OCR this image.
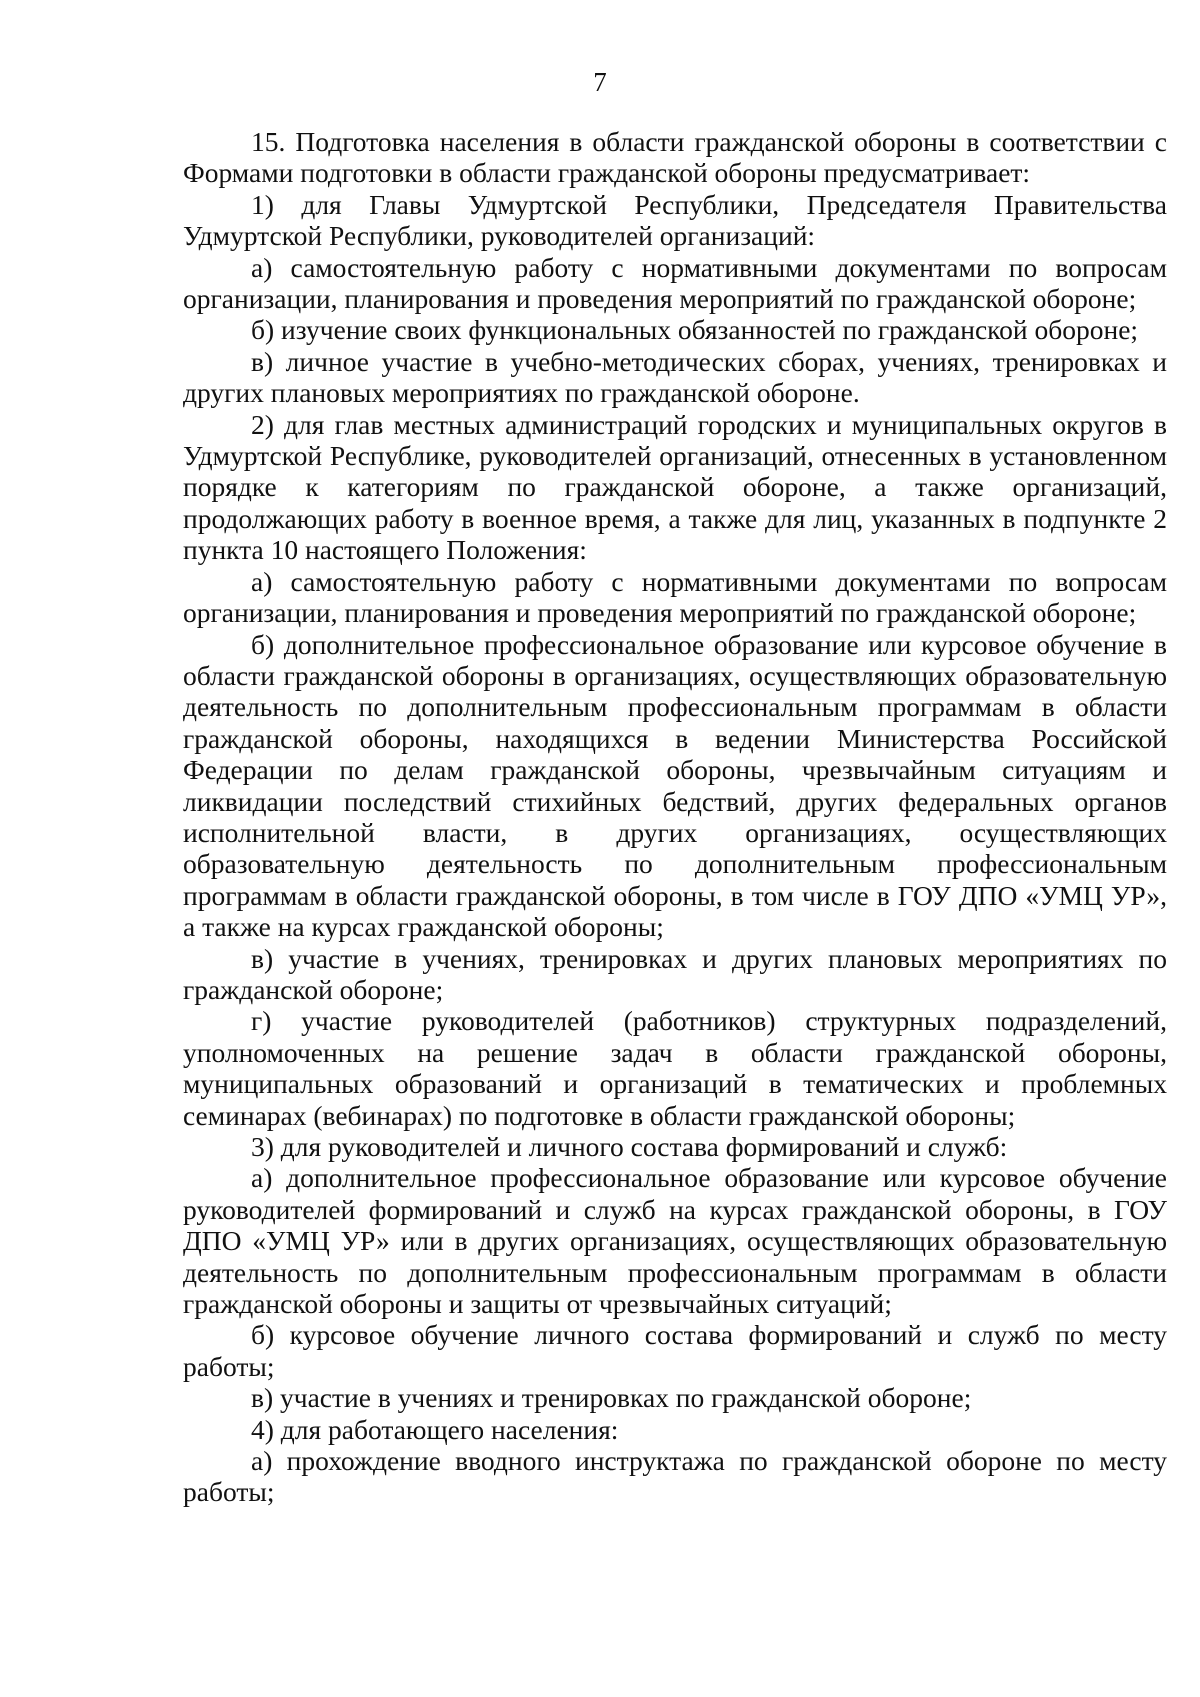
7

15. Подготовка населения в области гражданской обороны в соответствии с Формами подготовки в области гражданской обороны предусматривает:

1) для Главы Удмуртской Республики, Председателя Правительства Удмуртской Республики, руководителей организаций:

а) самостоятельную работу с нормативными документами по вопросам организации, планирования и проведения мероприятий по гражданской обороне;

б) изучение своих функциональных обязанностей по гражданской обороне;

в) личное участие в учебно-методических сборах, учениях, тренировках и других плановых мероприятиях по гражданской обороне.

2) для глав местных администраций городских и муниципальных округов в Удмуртской Республике, руководителей организаций, отнесенных в установленном порядке к категориям по гражданской обороне, а также организаций, продолжающих работу в военное время, а также для лиц, указанных в подпункте 2 пункта 10 настоящего Положения:

а) самостоятельную работу с нормативными документами по вопросам организации, планирования и проведения мероприятий по гражданской обороне;

б) дополнительное профессиональное образование или курсовое обучение в области гражданской обороны в организациях, осуществляющих образовательную деятельность по дополнительным профессиональным программам в области гражданской обороны, находящихся в ведении Министерства Российской Федерации по делам гражданской обороны, чрезвычайным ситуациям и ликвидации последствий стихийных бедствий, других федеральных органов исполнительной власти, в других организациях, осуществляющих образовательную деятельность по дополнительным профессиональным программам в области гражданской обороны, в том числе в ГОУ ДПО «УМЦ УР», а также на курсах гражданской обороны;

в) участие в учениях, тренировках и других плановых мероприятиях по гражданской обороне;

г) участие руководителей (работников) структурных подразделений, уполномоченных на решение задач в области гражданской обороны, муниципальных образований и организаций в тематических и проблемных семинарах (вебинарах) по подготовке в области гражданской обороны;

3) для руководителей и личного состава формирований и служб:

а) дополнительное профессиональное образование или курсовое обучение руководителей формирований и служб на курсах гражданской обороны, в ГОУ ДПО «УМЦ УР» или в других организациях, осуществляющих образовательную деятельность по дополнительным профессиональным программам в области гражданской обороны и защиты от чрезвычайных ситуаций;

б) курсовое обучение личного состава формирований и служб по месту работы;

в) участие в учениях и тренировках по гражданской обороне;

4) для работающего населения:

а) прохождение вводного инструктажа по гражданской обороне по месту работы;
